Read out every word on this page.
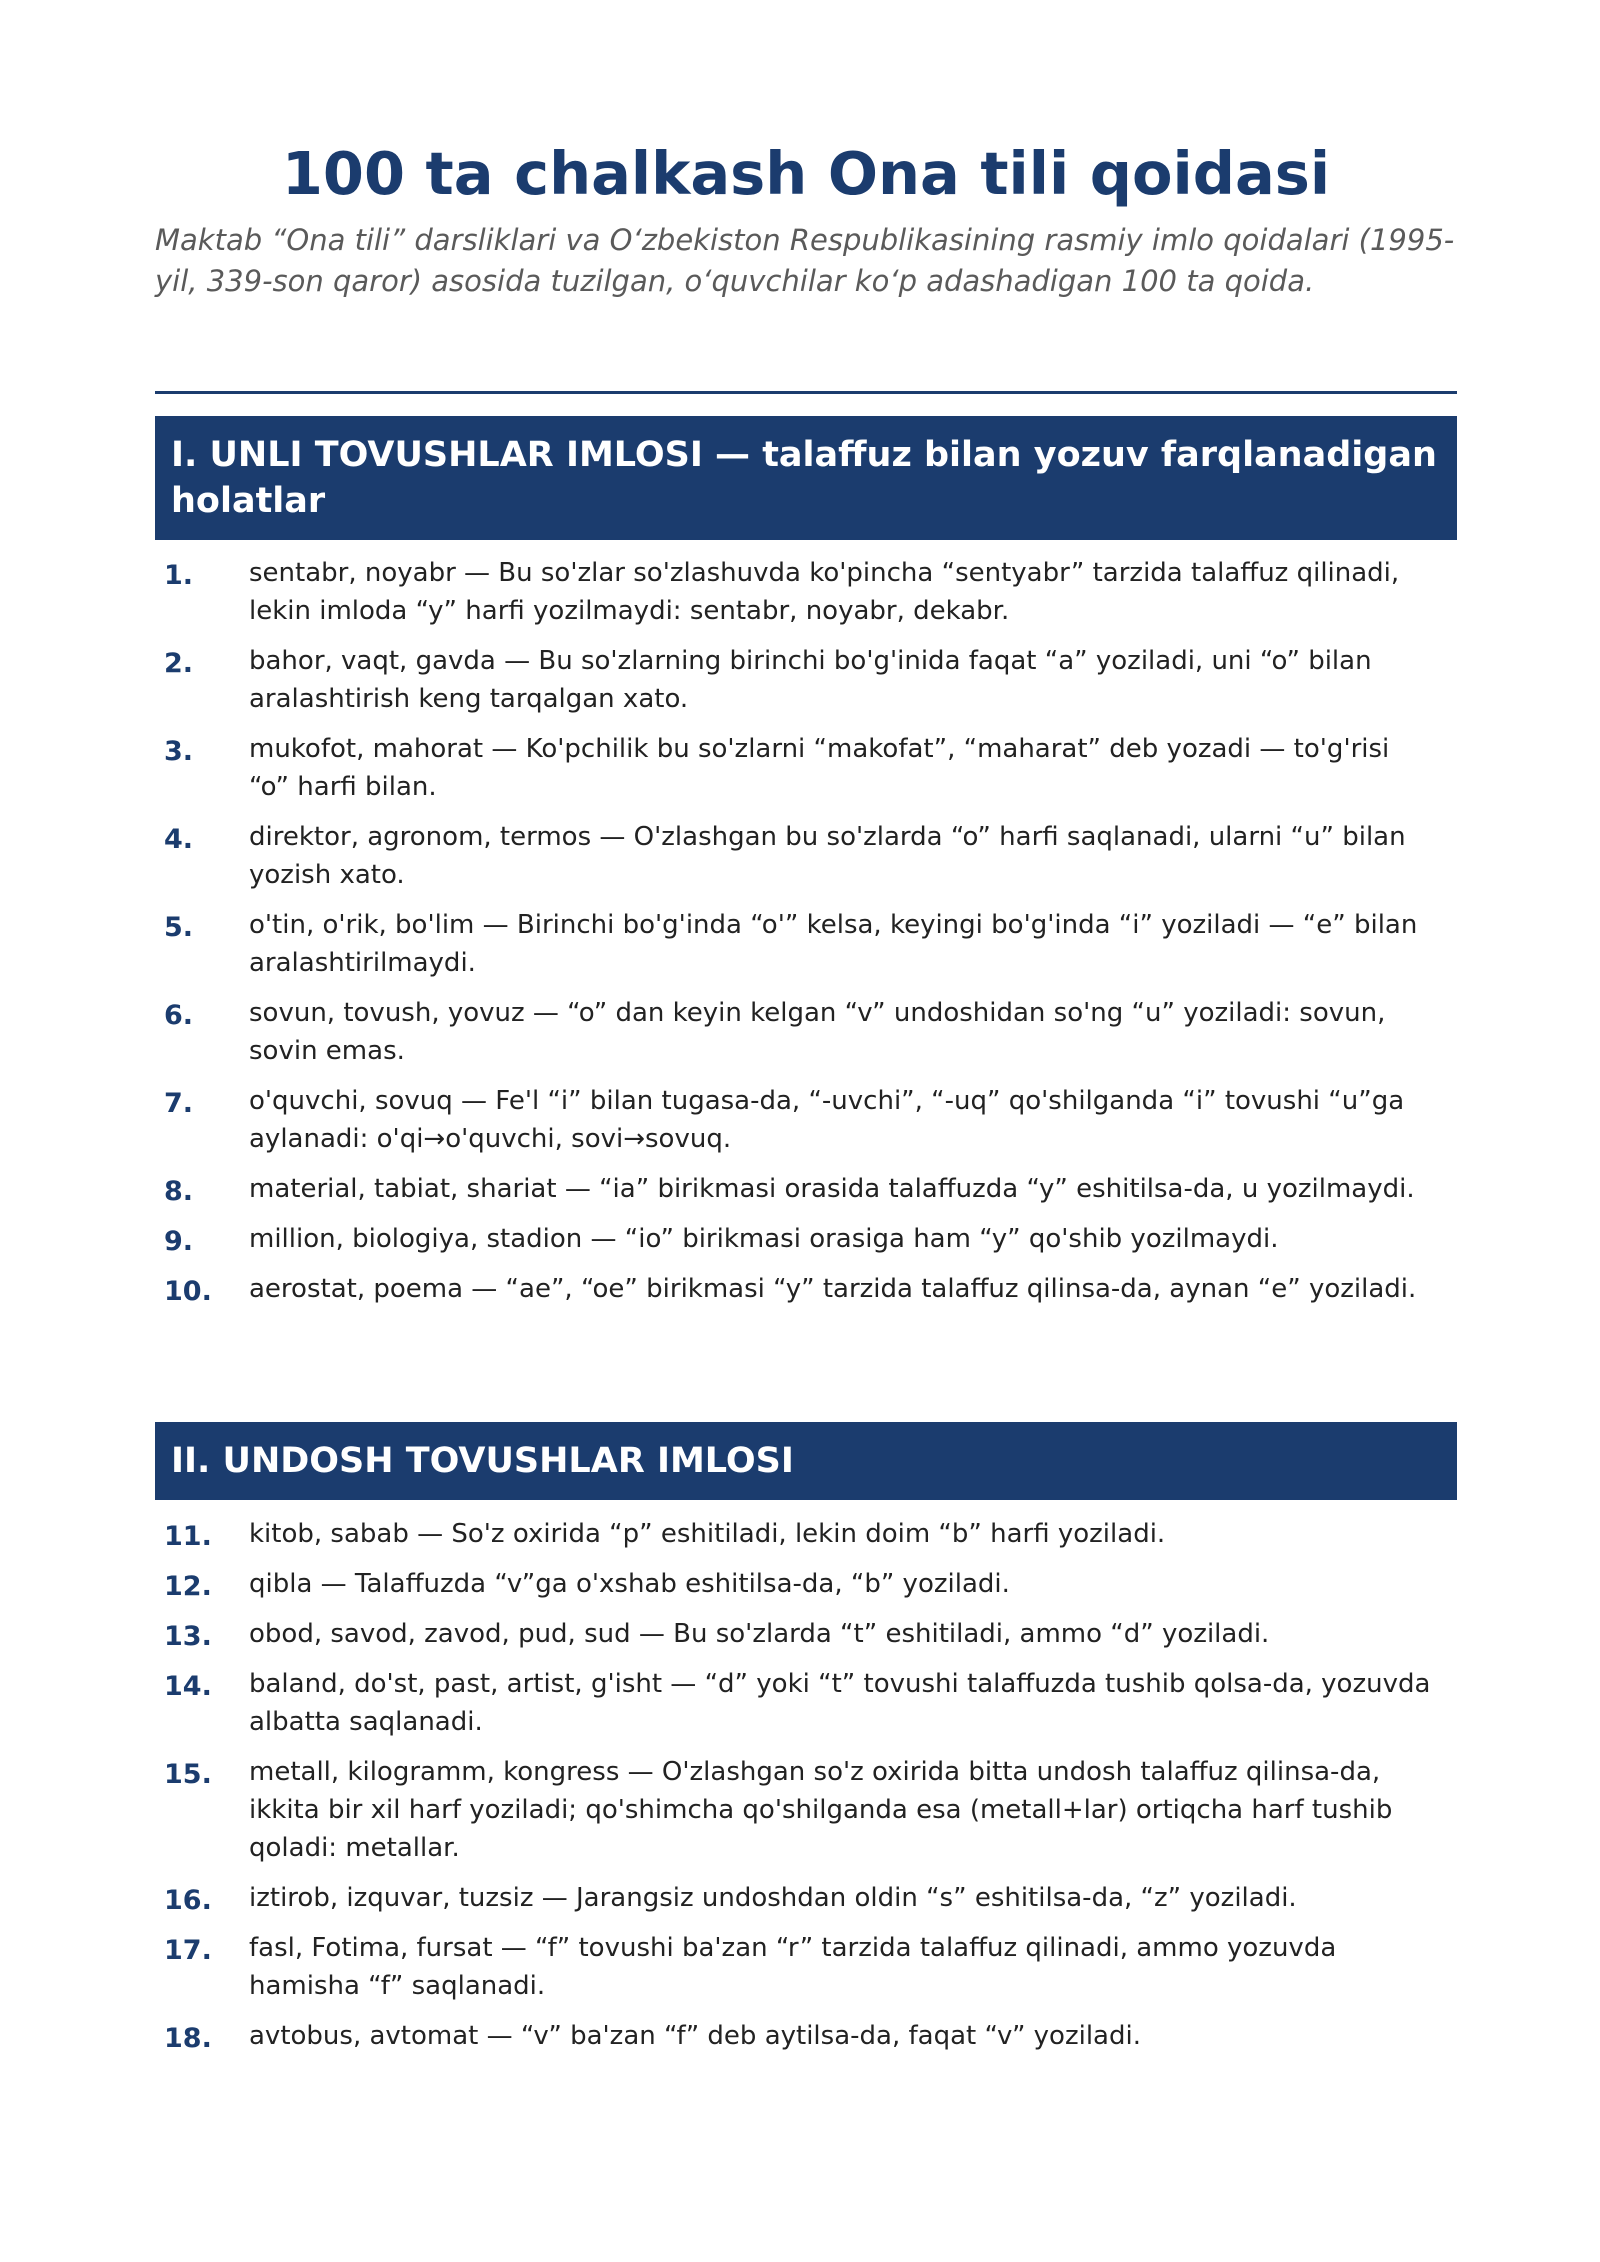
100 ta chalkash Ona tili qoidasi

Maktab “Ona tili” darsliklari va O‘zbekiston Respublikasining rasmiy imlo qoidalari (1995-yil, 339-son qaror) asosida tuzilgan, o‘quvchilar ko‘p adashadigan 100 ta qoida.

I. UNLI TOVUSHLAR IMLOSI — talaffuz bilan yozuv farqlanadigan holatlar
1.	sentabr, noyabr — Bu so'zlar so'zlashuvda ko'pincha “sentyabr” tarzida talaffuz qilinadi, lekin imloda “y” harfi yozilmaydi: sentabr, noyabr, dekabr.
2.	bahor, vaqt, gavda — Bu so'zlarning birinchi bo'g'inida faqat “a” yoziladi, uni “o” bilan aralashtirish keng tarqalgan xato.
3.	mukofot, mahorat — Ko'pchilik bu so'zlarni “makofat”, “maharat” deb yozadi — to'g'risi “o” harfi bilan.
4.	direktor, agronom, termos — O'zlashgan bu so'zlarda “o” harfi saqlanadi, ularni “u” bilan yozish xato.
5.	o'tin, o'rik, bo'lim — Birinchi bo'g'inda “o'” kelsa, keyingi bo'g'inda “i” yoziladi — “e” bilan aralashtirilmaydi.
6.	sovun, tovush, yovuz — “o” dan keyin kelgan “v” undoshidan so'ng “u” yoziladi: sovun, sovin emas.
7.	o'quvchi, sovuq — Fe'l “i” bilan tugasa-da, “-uvchi”, “-uq” qo'shilganda “i” tovushi “u”ga aylanadi: o'qi→o'quvchi, sovi→sovuq.
8.	material, tabiat, shariat — “ia” birikmasi orasida talaffuzda “y” eshitilsa-da, u yozilmaydi.
9.	million, biologiya, stadion — “io” birikmasi orasiga ham “y” qo'shib yozilmaydi.
10.	aerostat, poema — “ae”, “oe” birikmasi “y” tarzida talaffuz qilinsa-da, aynan “e” yoziladi.
II. UNDOSH TOVUSHLAR IMLOSI
11.	kitob, sabab — So'z oxirida “p” eshitiladi, lekin doim “b” harfi yoziladi.
12.	qibla — Talaffuzda “v”ga o'xshab eshitilsa-da, “b” yoziladi.
13.	obod, savod, zavod, pud, sud — Bu so'zlarda “t” eshitiladi, ammo “d” yoziladi.
14.	baland, do'st, past, artist, g'isht — “d” yoki “t” tovushi talaffuzda tushib qolsa-da, yozuvda albatta saqlanadi.
15.	metall, kilogramm, kongress — O'zlashgan so'z oxirida bitta undosh talaffuz qilinsa-da, ikkita bir xil harf yoziladi; qo'shimcha qo'shilganda esa (metall+lar) ortiqcha harf tushib qoladi: metallar.
16.	iztirob, izquvar, tuzsiz — Jarangsiz undoshdan oldin “s” eshitilsa-da, “z” yoziladi.
17.	fasl, Fotima, fursat — “f” tovushi ba'zan “r” tarzida talaffuz qilinadi, ammo yozuvda hamisha “f” saqlanadi.
18.	avtobus, avtomat — “v” ba'zan “f” deb aytilsa-da, faqat “v” yoziladi.
